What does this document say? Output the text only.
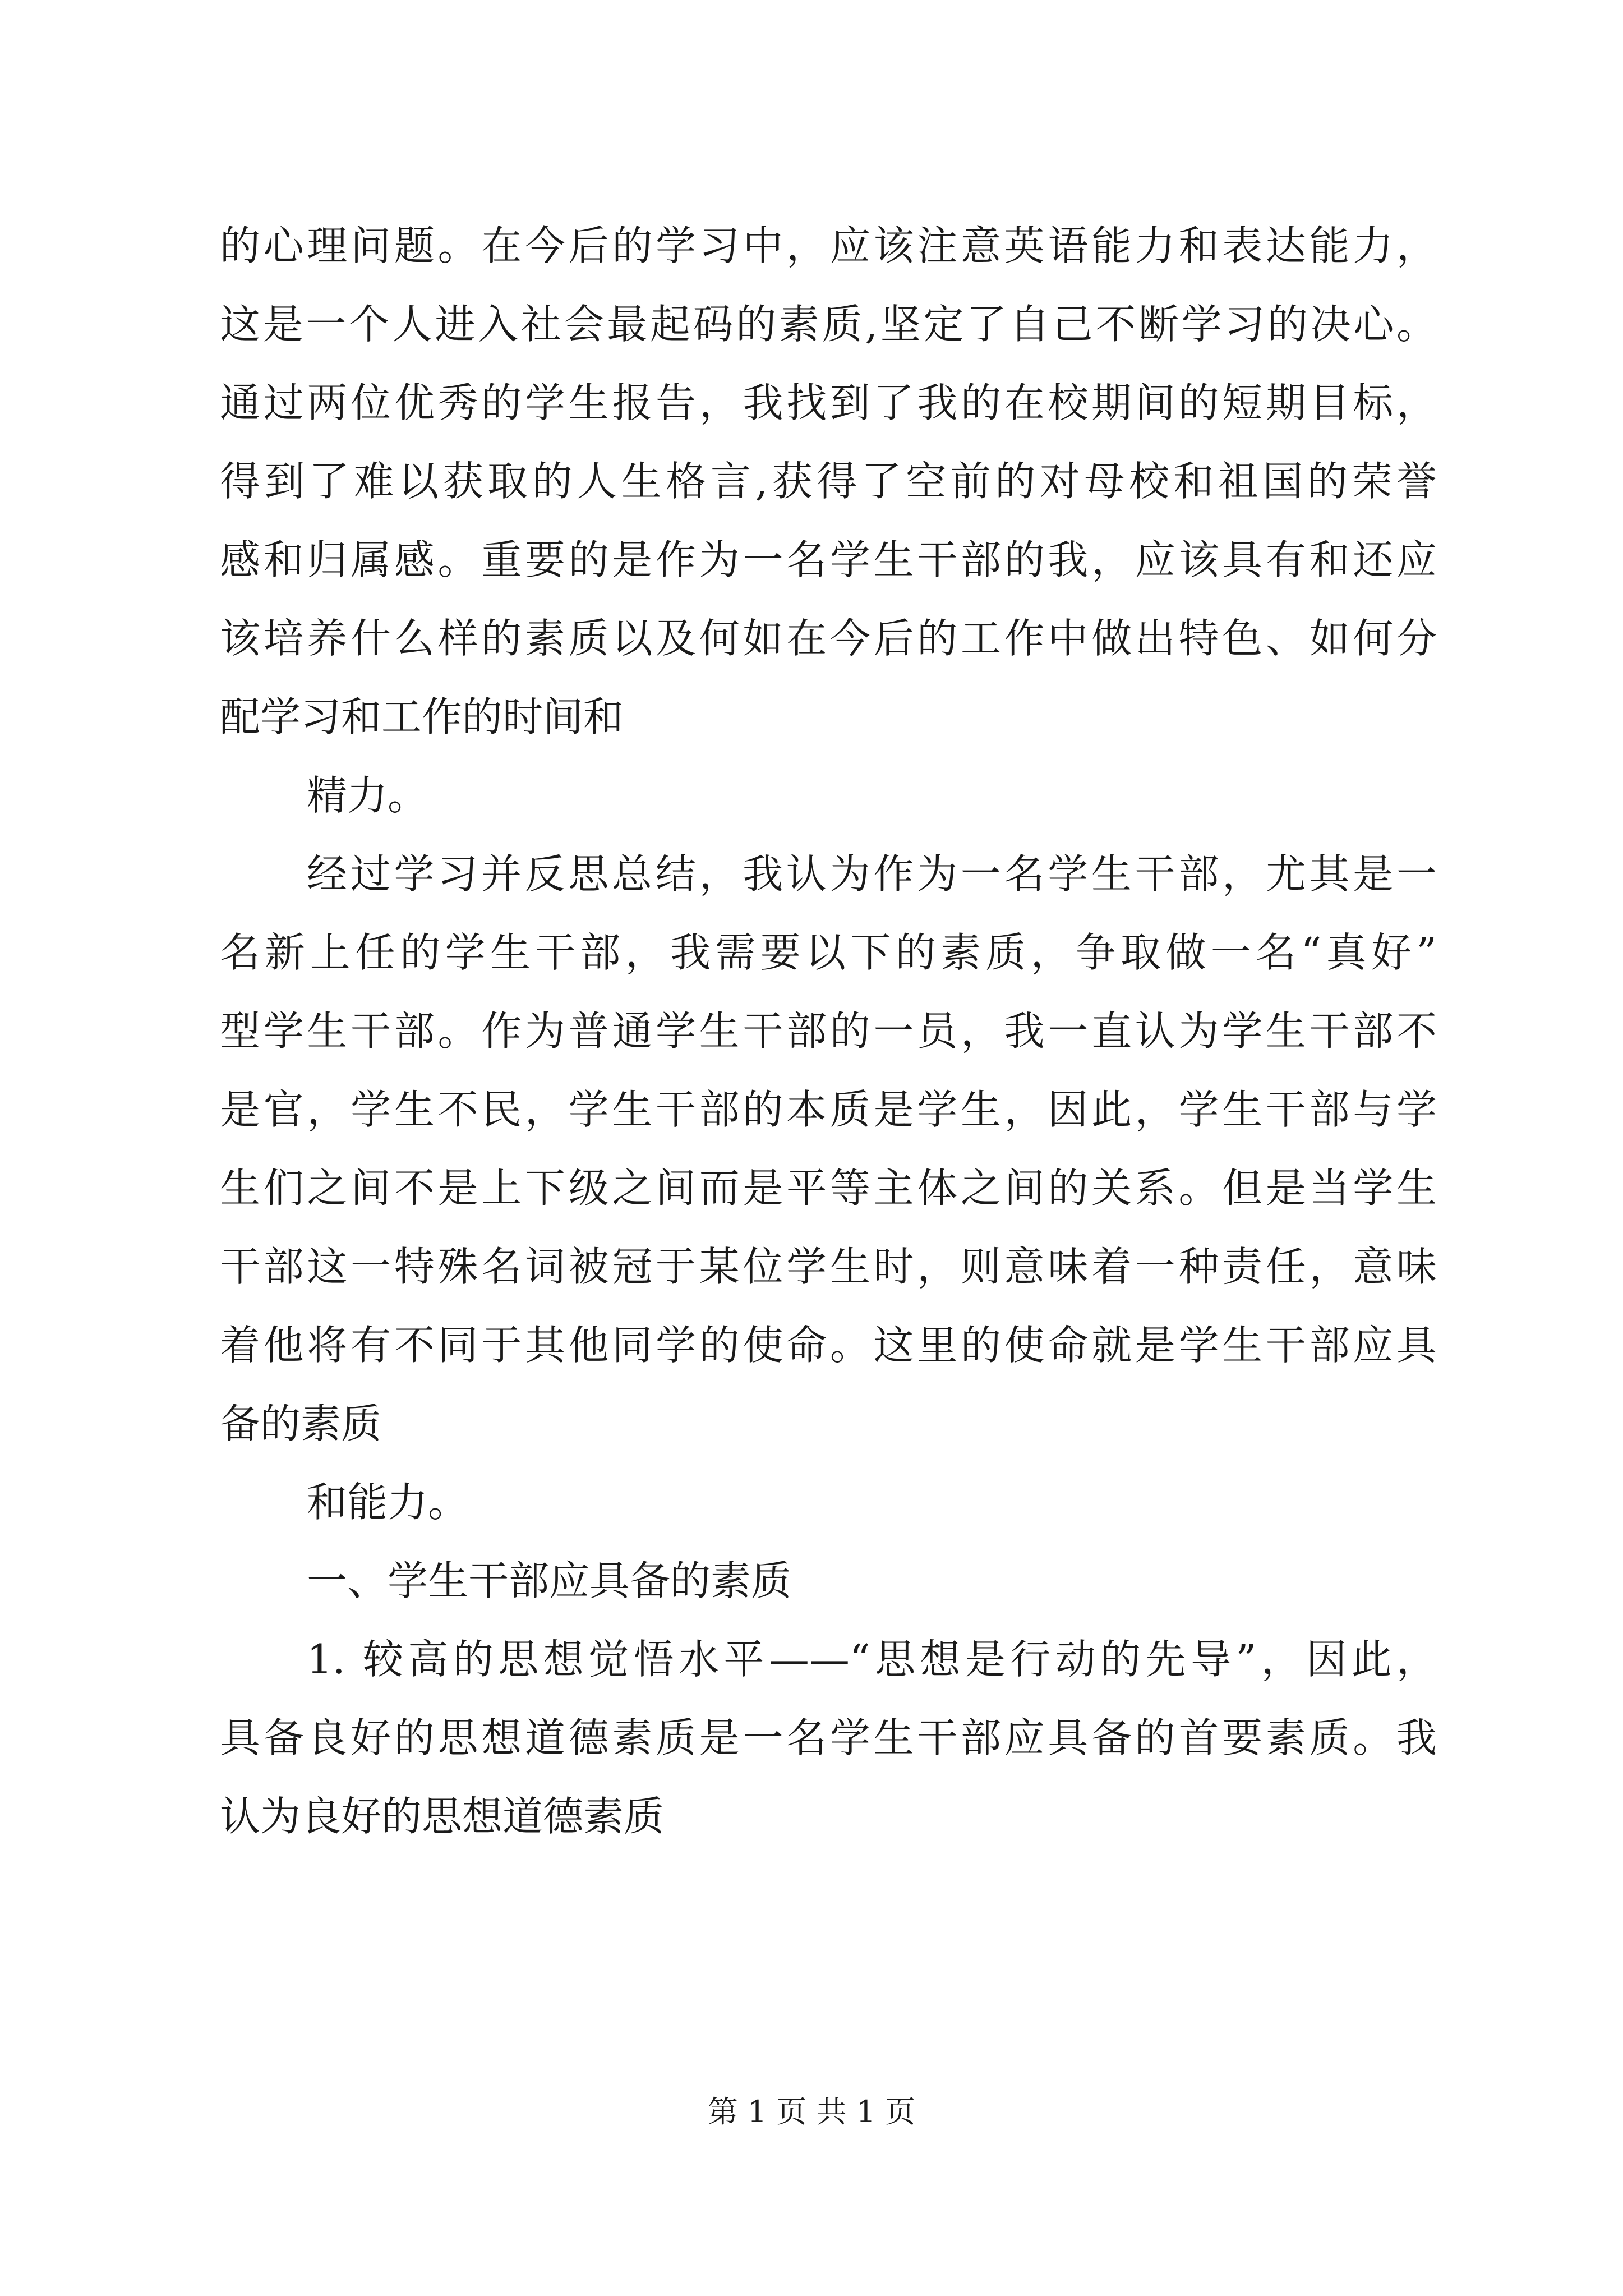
的心理问题。在今后的学习中，应该注意英语能力和表达能力，
这是一个人进入社会最起码的素质,坚定了自己不断学习的决心。
通过两位优秀的学生报告，我找到了我的在校期间的短期目标，
得到了难以获取的人生格言,获得了空前的对母校和祖国的荣誉
感和归属感。重要的是作为一名学生干部的我，应该具有和还应
该培养什么样的素质以及何如在今后的工作中做出特色、如何分
配学习和工作的时间和
精力。
经过学习并反思总结，我认为作为一名学生干部，尤其是一
名新上任的学生干部，我需要以下的素质，争取做一名“真好”
型学生干部。作为普通学生干部的一员，我一直认为学生干部不
是官，学生不民，学生干部的本质是学生，因此，学生干部与学
生们之间不是上下级之间而是平等主体之间的关系。但是当学生
干部这一特殊名词被冠于某位学生时，则意味着一种责任，意味
着他将有不同于其他同学的使命。这里的使命就是学生干部应具
备的素质
和能力。
一、学生干部应具备的素质
1. 较高的思想觉悟水平——“思想是行动的先导”，因此，
具备良好的思想道德素质是一名学生干部应具备的首要素质。我
认为良好的思想道德素质
第 1 页 共 1 页
